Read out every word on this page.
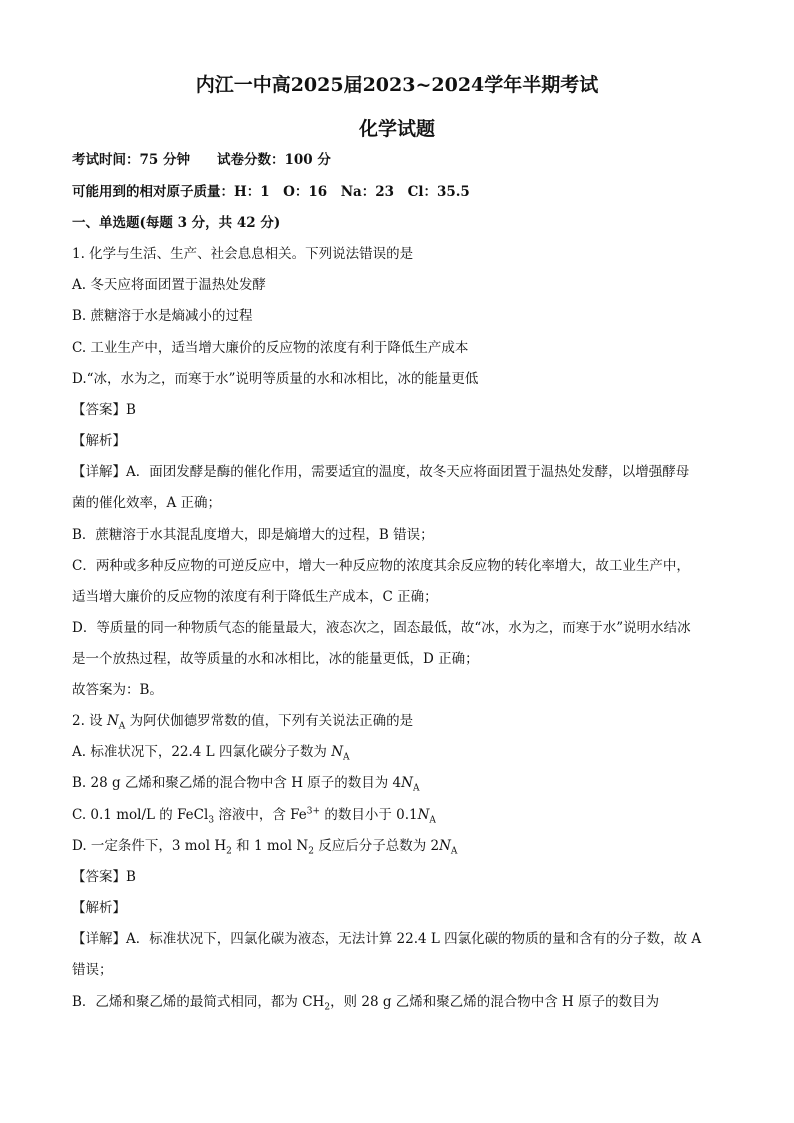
内江一中高2025届2023~2024学年半期考试
化学试题
考试时间：75 分钟　　试卷分数：100 分
可能用到的相对原子质量：H：1　O：16　Na：23　Cl：35.5
一、单选题(每题 3 分，共 42 分)
1. 化学与生活、生产、社会息息相关。下列说法错误的是
A. 冬天应将面团置于温热处发酵
B. 蔗糖溶于水是熵减小的过程
C. 工业生产中，适当增大廉价的反应物的浓度有利于降低生产成本
D.“冰，水为之，而寒于水”说明等质量的水和冰相比，冰的能量更低
【答案】B
【解析】
【详解】A．面团发酵是酶的催化作用，需要适宜的温度，故冬天应将面团置于温热处发酵，以增强酵母
菌的催化效率，A 正确；
B．蔗糖溶于水其混乱度增大，即是熵增大的过程，B 错误；
C．两种或多种反应物的可逆反应中，增大一种反应物的浓度其余反应物的转化率增大，故工业生产中，
适当增大廉价的反应物的浓度有利于降低生产成本，C 正确；
D．等质量的同一种物质气态的能量最大，液态次之，固态最低，故“冰，水为之，而寒于水”说明水结冰
是一个放热过程，故等质量的水和冰相比，冰的能量更低，D 正确；
故答案为：B。
2. 设 $N_A$ 为阿伏伽德罗常数的值，下列有关说法正确的是
A. 标准状况下，22.4 L 四氯化碳分子数为 $N_A$
B. 28 g 乙烯和聚乙烯的混合物中含 H 原子的数目为 $4N_A$
C. 0.1 mol/L 的 FeCl$_3$ 溶液中，含 $Fe^{3+}$ 的数目小于 $0.1N_A$
D. 一定条件下，3 mol $H_2$ 和 1 mol $N_2$ 反应后分子总数为 $2N_A$
【答案】B
【解析】
【详解】A．标准状况下，四氯化碳为液态，无法计算 22.4 L 四氯化碳的物质的量和含有的分子数，故 A
错误；
B．乙烯和聚乙烯的最简式相同，都为 $CH_2$，则 28 g 乙烯和聚乙烯的混合物中含 H 原子的数目为
